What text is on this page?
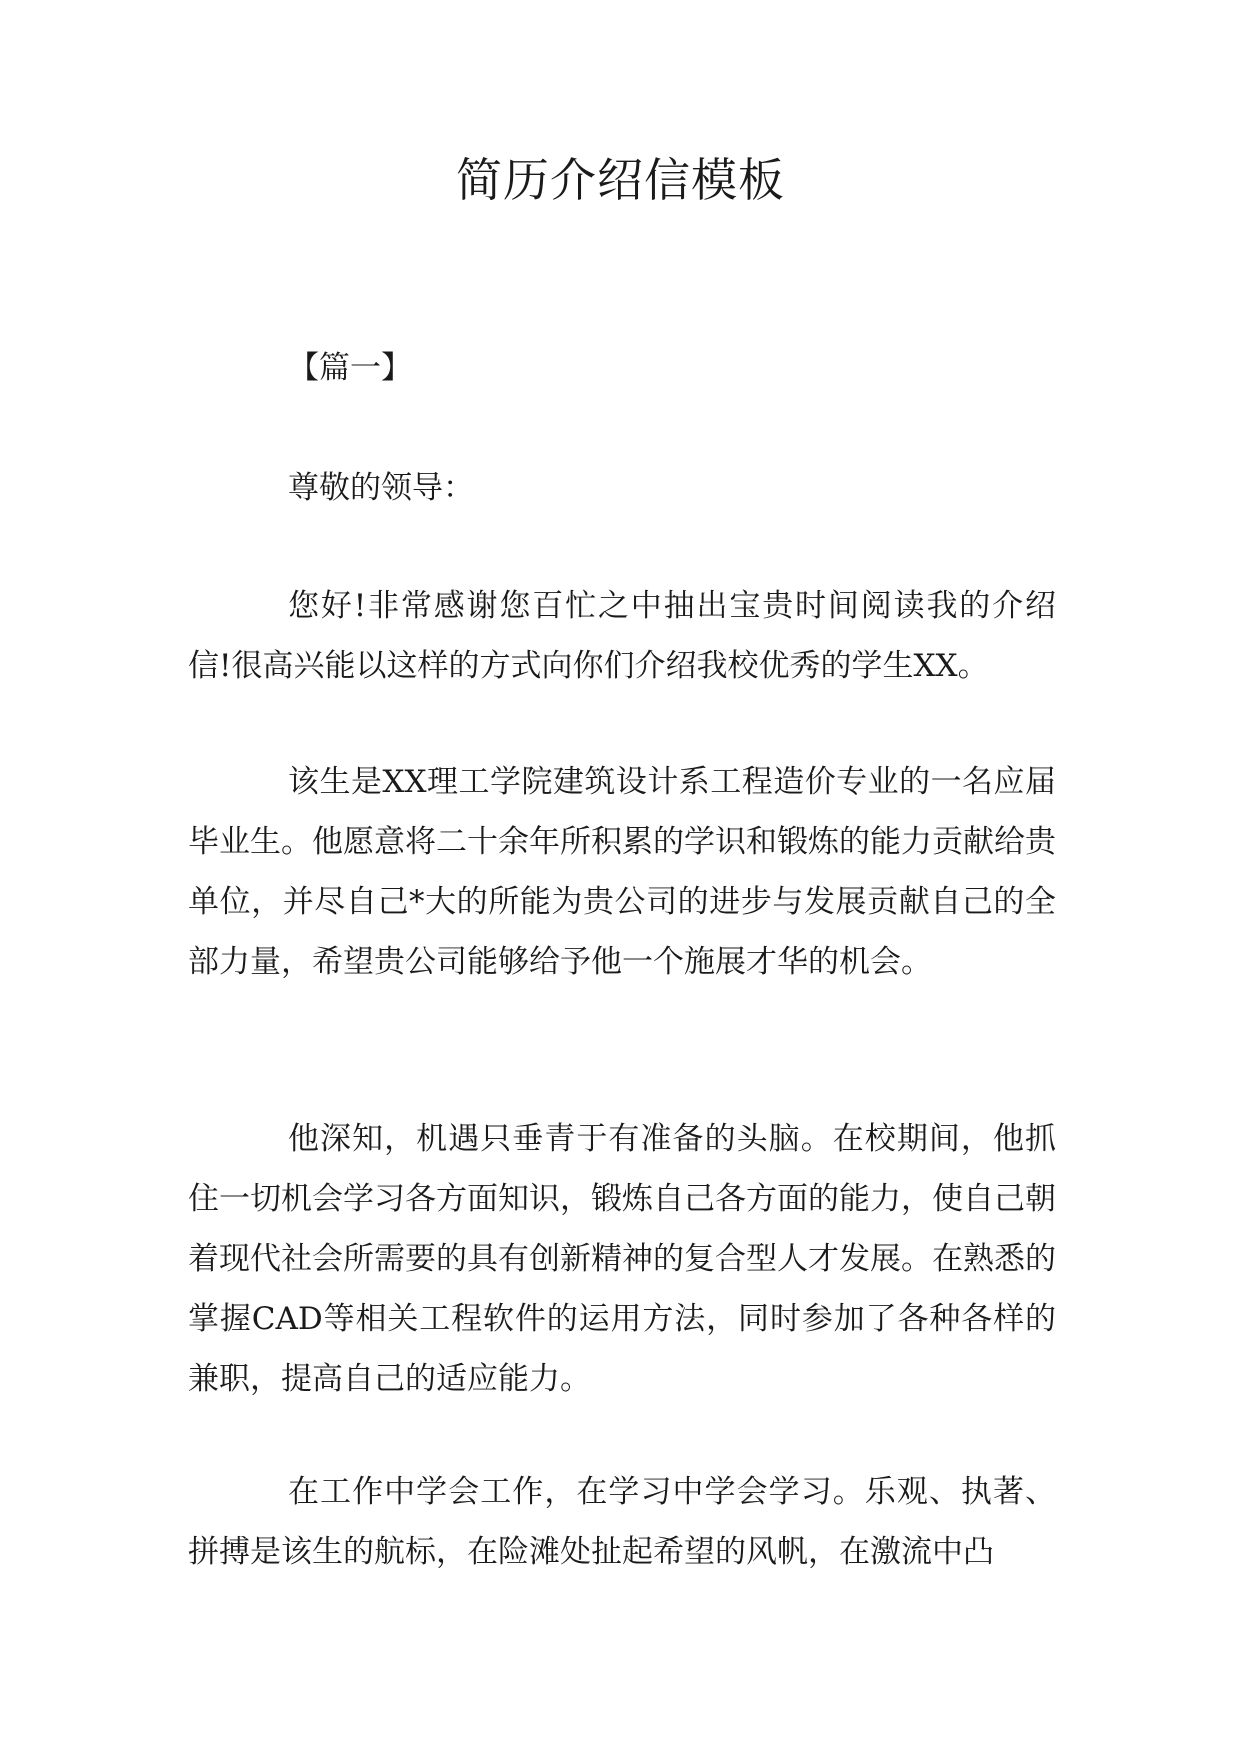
简历介绍信模板

【篇一】

尊敬的领导：

您好!非常感谢您百忙之中抽出宝贵时间阅读我的介绍信!很高兴能以这样的方式向你们介绍我校优秀的学生XX。

该生是XX理工学院建筑设计系工程造价专业的一名应届毕业生。他愿意将二十余年所积累的学识和锻炼的能力贡献给贵单位，并尽自己*大的所能为贵公司的进步与发展贡献自己的全部力量，希望贵公司能够给予他一个施展才华的机会。

他深知，机遇只垂青于有准备的头脑。在校期间，他抓住一切机会学习各方面知识，锻炼自己各方面的能力，使自己朝着现代社会所需要的具有创新精神的复合型人才发展。在熟悉的掌握CAD等相关工程软件的运用方法，同时参加了各种各样的兼职，提高自己的适应能力。

在工作中学会工作，在学习中学会学习。乐观、执著、拼搏是该生的航标，在险滩处扯起希望的风帆，在激流中凸
